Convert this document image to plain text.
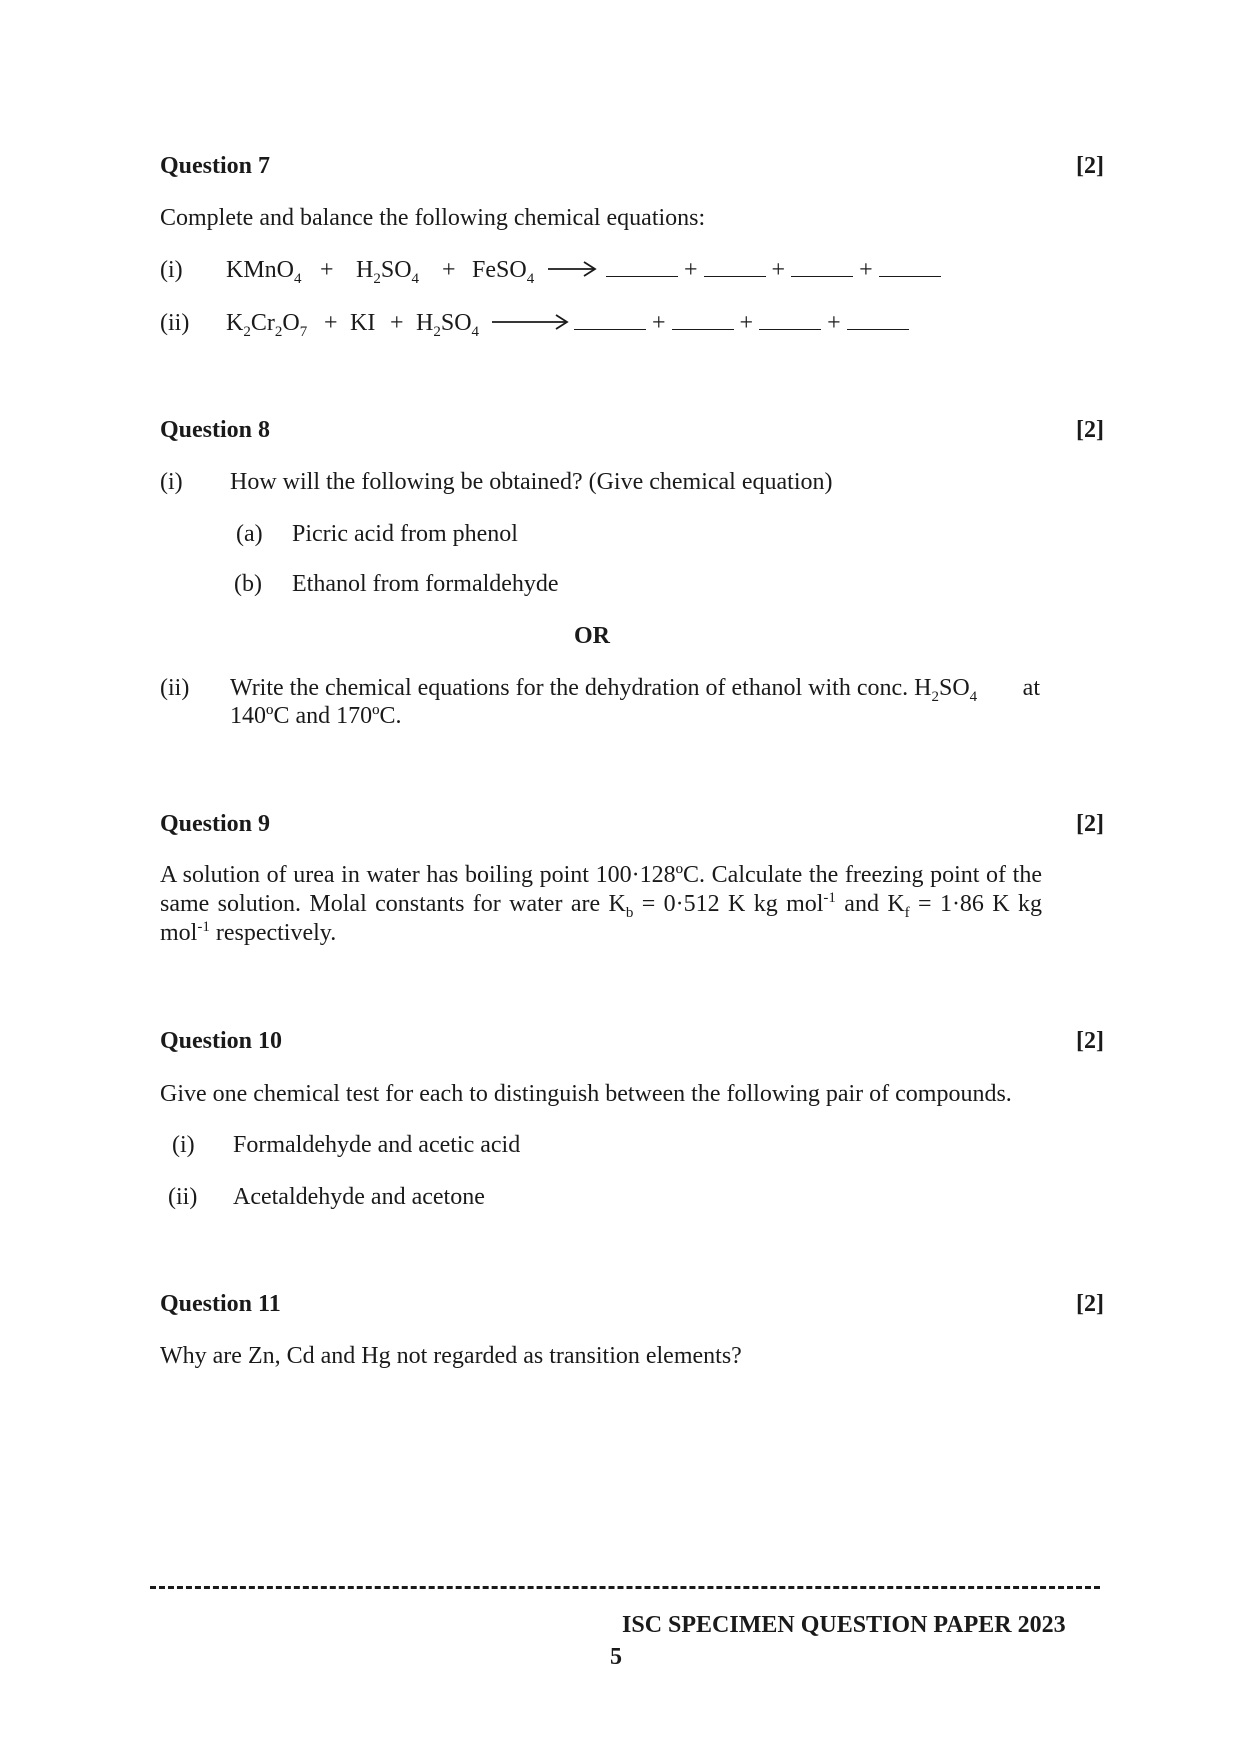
Question 7	[2]
Complete and balance the following chemical equations:
(i) KMnO$_4$ + $H_2SO_4$ + FeSO$_4$	+	+	+
(ii) $K_2Cr_2O_7$ + KI + $H_2SO_4$	+	+	+
Question 8	[2]
(i) How will the following be obtained? (Give chemical equation)
(a) Picric acid from phenol
(b) Ethanol from formaldehyde
OR
(ii) Write the chemical equations for the dehydration of ethanol with conc. $H_2SO_4$ at
140ºC and 170ºC.
Question 9	[2]
A solution of urea in water has boiling point 100·128ºC. Calculate the freezing point of the same solution. Molal constants for water are $K_b = 0\cdot 512$ K kg mol$^{-1}$ and $K_f = 1\cdot 86$ K kg mol$^{-1}$ respectively.
Question 10	[2]
Give one chemical test for each to distinguish between the following pair of compounds.
(i) Formaldehyde and acetic acid
(ii) Acetaldehyde and acetone
Question 11	[2]
Why are Zn, Cd and Hg not regarded as transition elements?
ISC SPECIMEN QUESTION PAPER 2023
5
